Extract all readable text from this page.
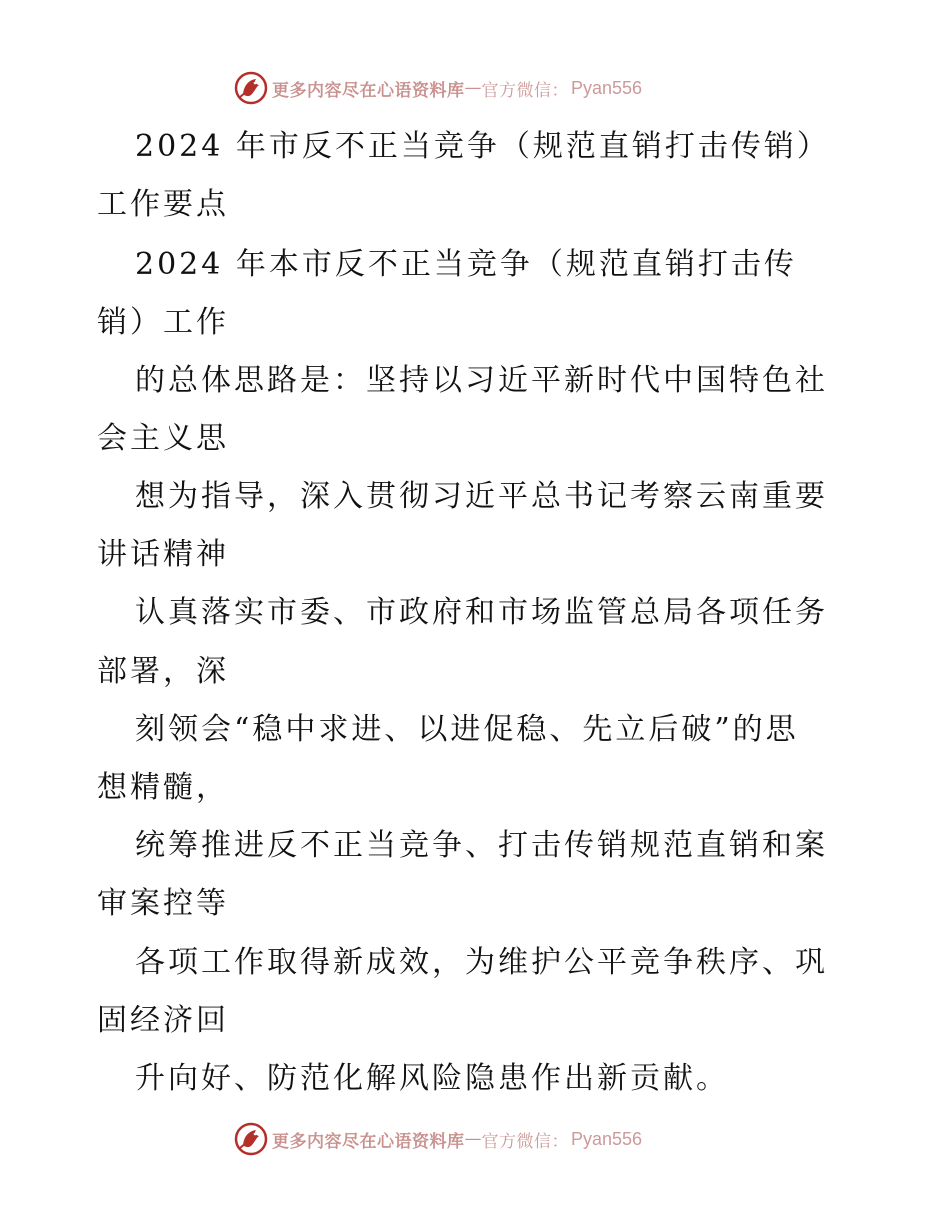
更多内容尽在心语资料库 — 官方微信： Pyan556
2024 年市反不正当竞争（规范直销打击传销）
工作要点
2024 年本市反不正当竞争（规范直销打击传
销）工作
的总体思路是：坚持以习近平新时代中国特色社
会主义思
想为指导，深入贯彻习近平总书记考察云南重要
讲话精神
认真落实市委、市政府和市场监管总局各项任务
部署，深
刻领会“稳中求进、以进促稳、先立后破”的思
想精髓，
统筹推进反不正当竞争、打击传销规范直销和案
审案控等
各项工作取得新成效，为维护公平竞争秩序、巩
固经济回
升向好、防范化解风险隐患作出新贡献。
更多内容尽在心语资料库 — 官方微信： Pyan556
